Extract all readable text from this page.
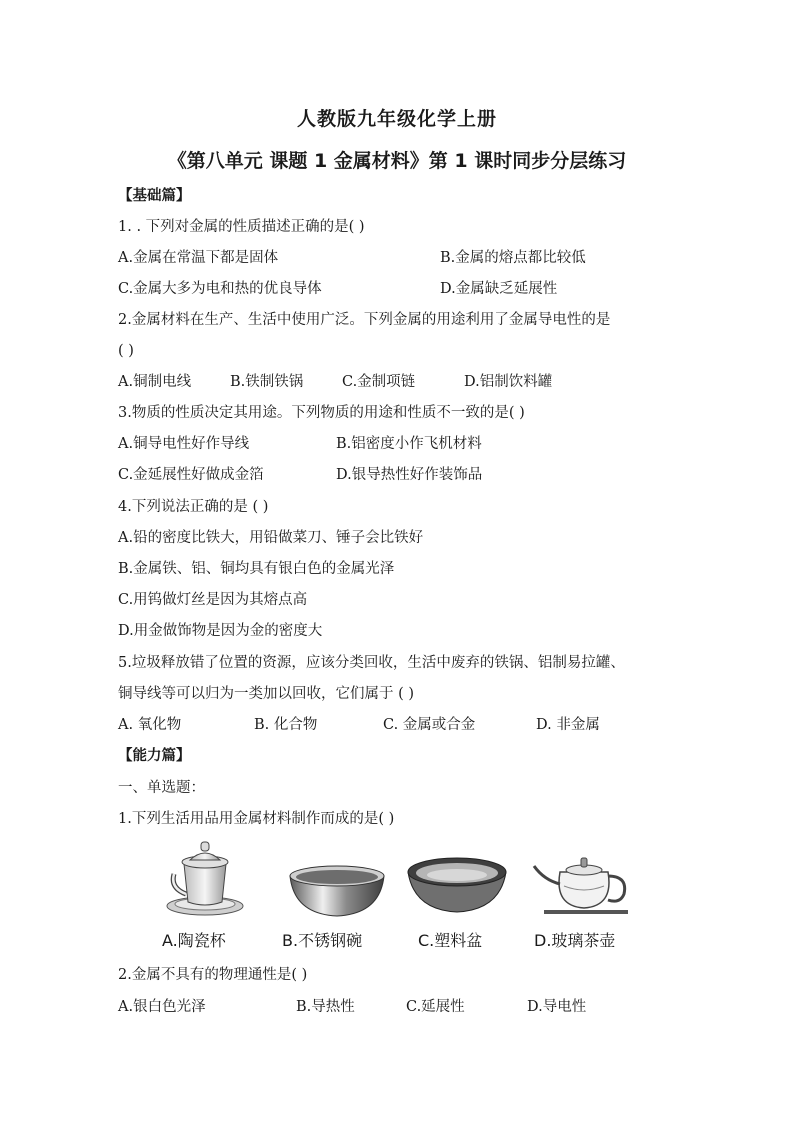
人教版九年级化学上册
《第八单元 课题 1 金属材料》第 1 课时同步分层练习
【基础篇】
1. . 下列对金属的性质描述正确的是( )
A.金属在常温下都是固体	B.金属的熔点都比较低
C.金属大多为电和热的优良导体	D.金属缺乏延展性
2.金属材料在生产、生活中使用广泛。下列金属的用途利用了金属导电性的是
( )
A.铜制电线	B.铁制铁锅	C.金制项链	D.铝制饮料罐
3.物质的性质决定其用途。下列物质的用途和性质不一致的是( )
A.铜导电性好作导线	B.铝密度小作飞机材料
C.金延展性好做成金箔	D.银导热性好作装饰品
4.下列说法正确的是 ( )
A.铅的密度比铁大，用铅做菜刀、锤子会比铁好
B.金属铁、铝、铜均具有银白色的金属光泽
C.用钨做灯丝是因为其熔点高
D.用金做饰物是因为金的密度大
5.垃圾释放错了位置的资源，应该分类回收，生活中废弃的铁锅、铝制易拉罐、
铜导线等可以归为一类加以回收，它们属于 ( )
A. 氧化物	B. 化合物	C. 金属或合金	D. 非金属
【能力篇】
一、单选题：
1.下列生活用品用金属材料制作而成的是( )
A.陶瓷杯	B.不锈钢碗	C.塑料盆	D.玻璃茶壶
2.金属不具有的物理通性是( )
A.银白色光泽	B.导热性	C.延展性	D.导电性
